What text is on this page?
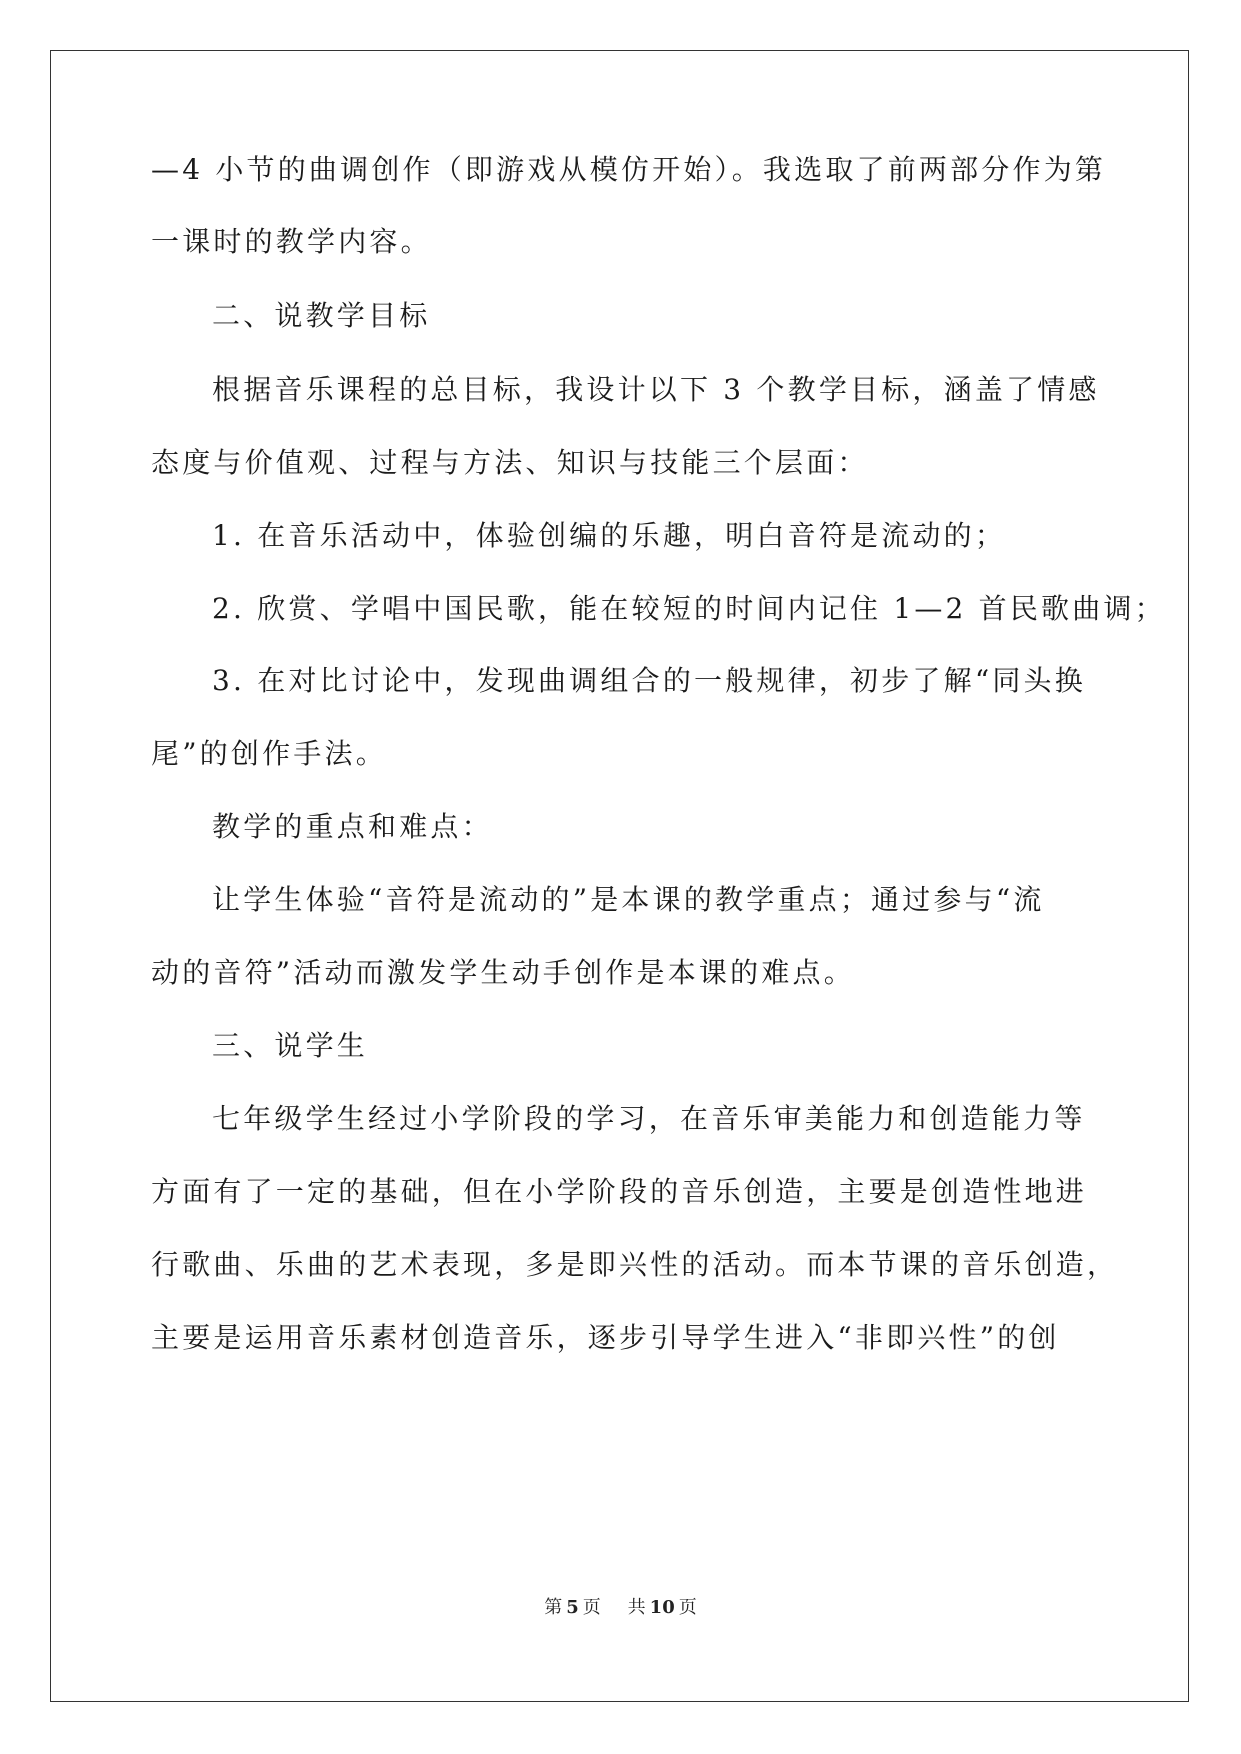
—4 小节的曲调创作（即游戏从模仿开始）。我选取了前两部分作为第
一课时的教学内容。
二、说教学目标
根据音乐课程的总目标，我设计以下 3 个教学目标，涵盖了情感
态度与价值观、过程与方法、知识与技能三个层面：
1. 在音乐活动中，体验创编的乐趣，明白音符是流动的；
2. 欣赏、学唱中国民歌，能在较短的时间内记住 1—2 首民歌曲调；
3. 在对比讨论中，发现曲调组合的一般规律，初步了解“同头换
尾”的创作手法。
教学的重点和难点：
让学生体验“音符是流动的”是本课的教学重点；通过参与“流
动的音符”活动而激发学生动手创作是本课的难点。
三、说学生
七年级学生经过小学阶段的学习，在音乐审美能力和创造能力等
方面有了一定的基础，但在小学阶段的音乐创造，主要是创造性地进
行歌曲、乐曲的艺术表现，多是即兴性的活动。而本节课的音乐创造，
主要是运用音乐素材创造音乐，逐步引导学生进入“非即兴性”的创
第 5 页 共 10 页
